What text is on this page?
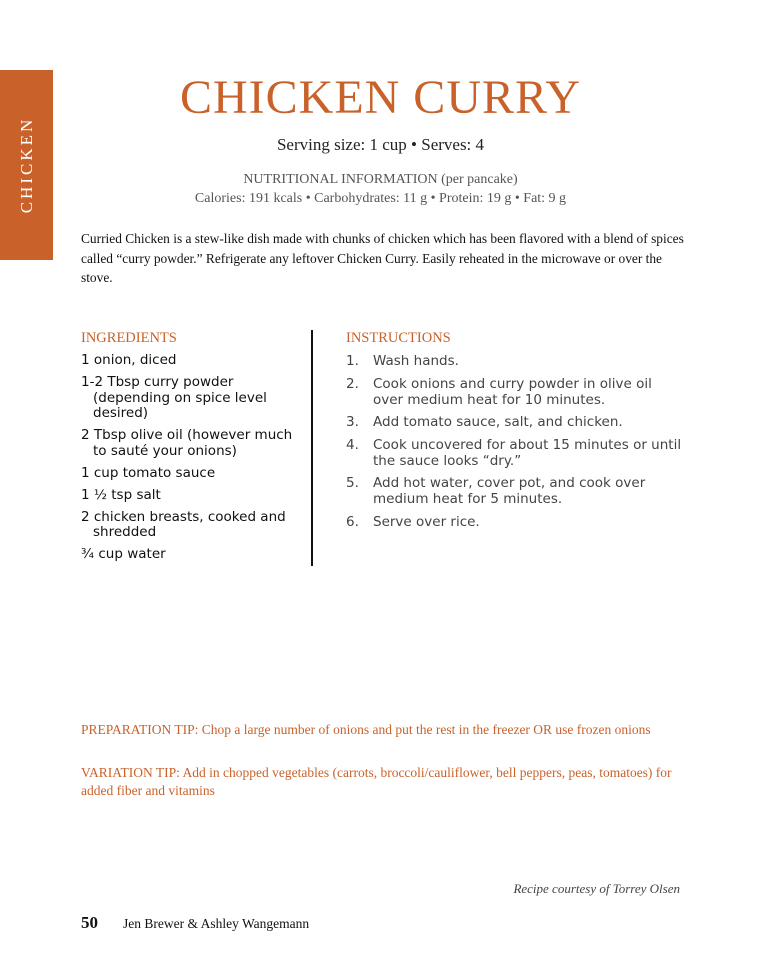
CHICKEN
CHICKEN CURRY
Serving size: 1 cup • Serves: 4
NUTRITIONAL INFORMATION (per pancake)
Calories: 191 kcals • Carbohydrates: 11 g • Protein: 19 g • Fat: 9 g
Curried Chicken is a stew-like dish made with chunks of chicken which has been flavored with a blend of spices called “curry powder.” Refrigerate any leftover Chicken Curry. Easily reheated in the microwave or over the stove.
INGREDIENTS
1 onion, diced
1-2 Tbsp curry powder (depending on spice level desired)
2 Tbsp olive oil (however much to sauté your onions)
1 cup tomato sauce
1 ½ tsp salt
2 chicken breasts, cooked and shredded
¾ cup water
INSTRUCTIONS
1. Wash hands.
2. Cook onions and curry powder in olive oil over medium heat for 10 minutes.
3. Add tomato sauce, salt, and chicken.
4. Cook uncovered for about 15 minutes or until the sauce looks “dry.”
5. Add hot water, cover pot, and cook over medium heat for 5 minutes.
6. Serve over rice.
PREPARATION TIP: Chop a large number of onions and put the rest in the freezer OR use frozen onions
VARIATION TIP: Add in chopped vegetables (carrots, broccoli/cauliflower, bell peppers, peas, tomatoes) for added fiber and vitamins
Recipe courtesy of Torrey Olsen
50 Jen Brewer & Ashley Wangemann
